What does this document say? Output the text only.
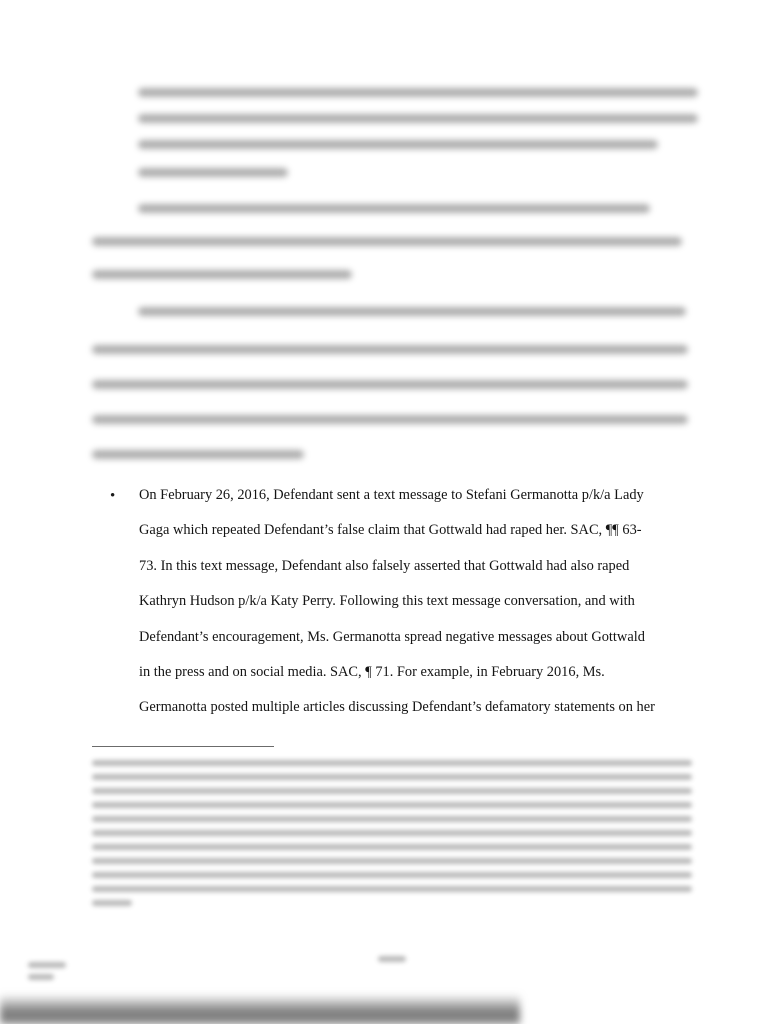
• On February 26, 2016, Defendant sent a text message to Stefani Germanotta p/k/a Lady
Gaga which repeated Defendant’s false claim that Gottwald had raped her. SAC, ¶¶ 63-
73. In this text message, Defendant also falsely asserted that Gottwald had also raped
Kathryn Hudson p/k/a Katy Perry. Following this text message conversation, and with
Defendant’s encouragement, Ms. Germanotta spread negative messages about Gottwald
in the press and on social media. SAC, ¶ 71. For example, in February 2016, Ms.
Germanotta posted multiple articles discussing Defendant’s defamatory statements on her
